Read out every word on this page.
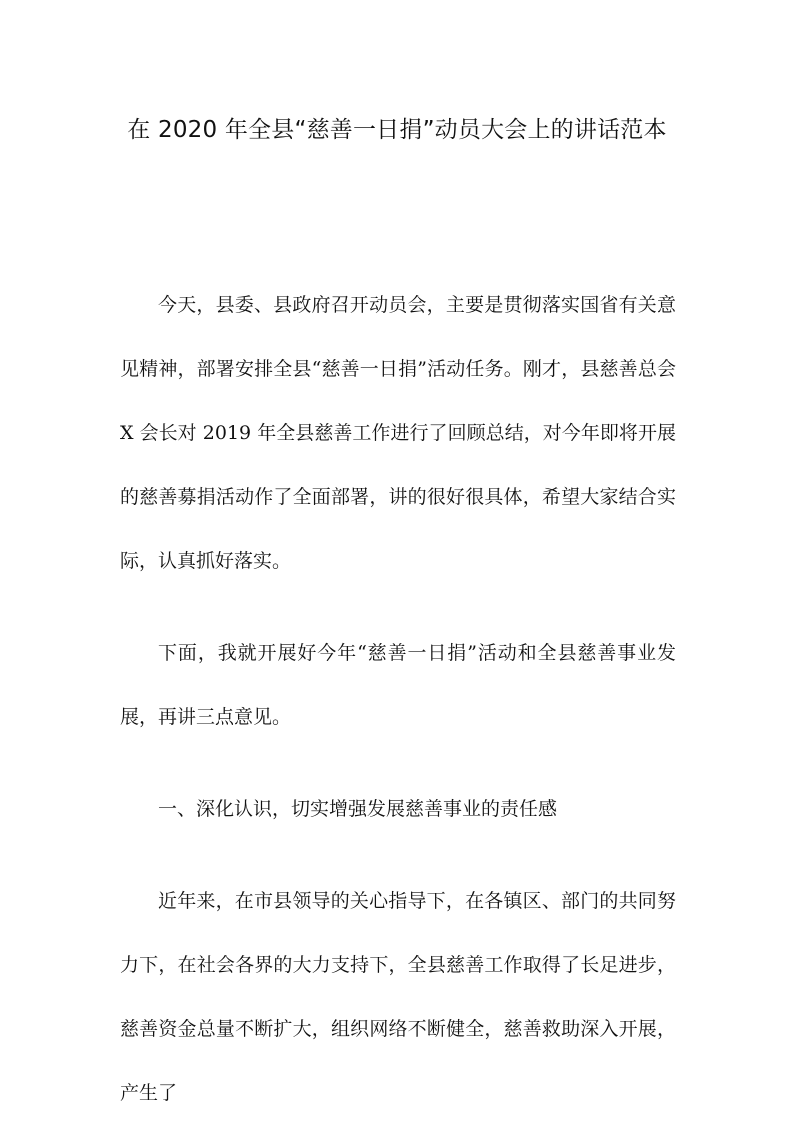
在 2020 年全县“慈善一日捐”动员大会上的讲话范本

今天，县委、县政府召开动员会，主要是贯彻落实国省有关意见精神，部署安排全县“慈善一日捐”活动任务。刚才，县慈善总会 X 会长对 2019 年全县慈善工作进行了回顾总结，对今年即将开展的慈善募捐活动作了全面部署，讲的很好很具体，希望大家结合实际，认真抓好落实。

下面，我就开展好今年“慈善一日捐”活动和全县慈善事业发展，再讲三点意见。

一、深化认识，切实增强发展慈善事业的责任感

近年来，在市县领导的关心指导下，在各镇区、部门的共同努力下，在社会各界的大力支持下，全县慈善工作取得了长足进步，慈善资金总量不断扩大，组织网络不断健全，慈善救助深入开展，产生了
